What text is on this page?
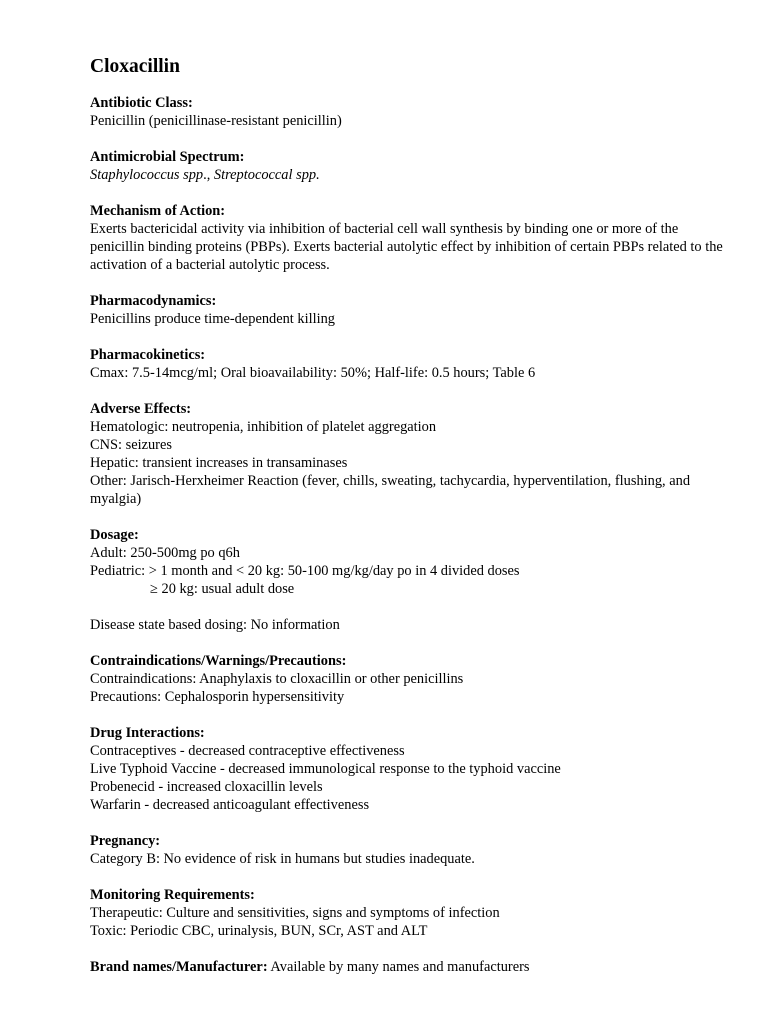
Cloxacillin
Antibiotic Class:
Penicillin (penicillinase-resistant penicillin)
Antimicrobial Spectrum:
Staphylococcus spp., Streptococcal spp.
Mechanism of Action:
Exerts bactericidal activity via inhibition of bacterial cell wall synthesis by binding one or more of the penicillin binding proteins (PBPs). Exerts bacterial autolytic effect by inhibition of certain PBPs related to the activation of a bacterial autolytic process.
Pharmacodynamics:
Penicillins produce time-dependent killing
Pharmacokinetics:
Cmax: 7.5-14mcg/ml; Oral bioavailability: 50%; Half-life: 0.5 hours; Table 6
Adverse Effects:
Hematologic: neutropenia, inhibition of platelet aggregation
CNS: seizures
Hepatic: transient increases in transaminases
Other: Jarisch-Herxheimer Reaction (fever, chills, sweating, tachycardia, hyperventilation, flushing, and myalgia)
Dosage:
Adult: 250-500mg po q6h
Pediatric: > 1 month and < 20 kg: 50-100 mg/kg/day po in 4 divided doses
≥ 20 kg: usual adult dose
Disease state based dosing: No information
Contraindications/Warnings/Precautions:
Contraindications: Anaphylaxis to cloxacillin or other penicillins
Precautions: Cephalosporin hypersensitivity
Drug Interactions:
Contraceptives - decreased contraceptive effectiveness
Live Typhoid Vaccine - decreased immunological response to the typhoid vaccine
Probenecid - increased cloxacillin levels
Warfarin - decreased anticoagulant effectiveness
Pregnancy:
Category B: No evidence of risk in humans but studies inadequate.
Monitoring Requirements:
Therapeutic: Culture and sensitivities, signs and symptoms of infection
Toxic: Periodic CBC, urinalysis, BUN, SCr, AST and ALT
Brand names/Manufacturer: Available by many names and manufacturers
